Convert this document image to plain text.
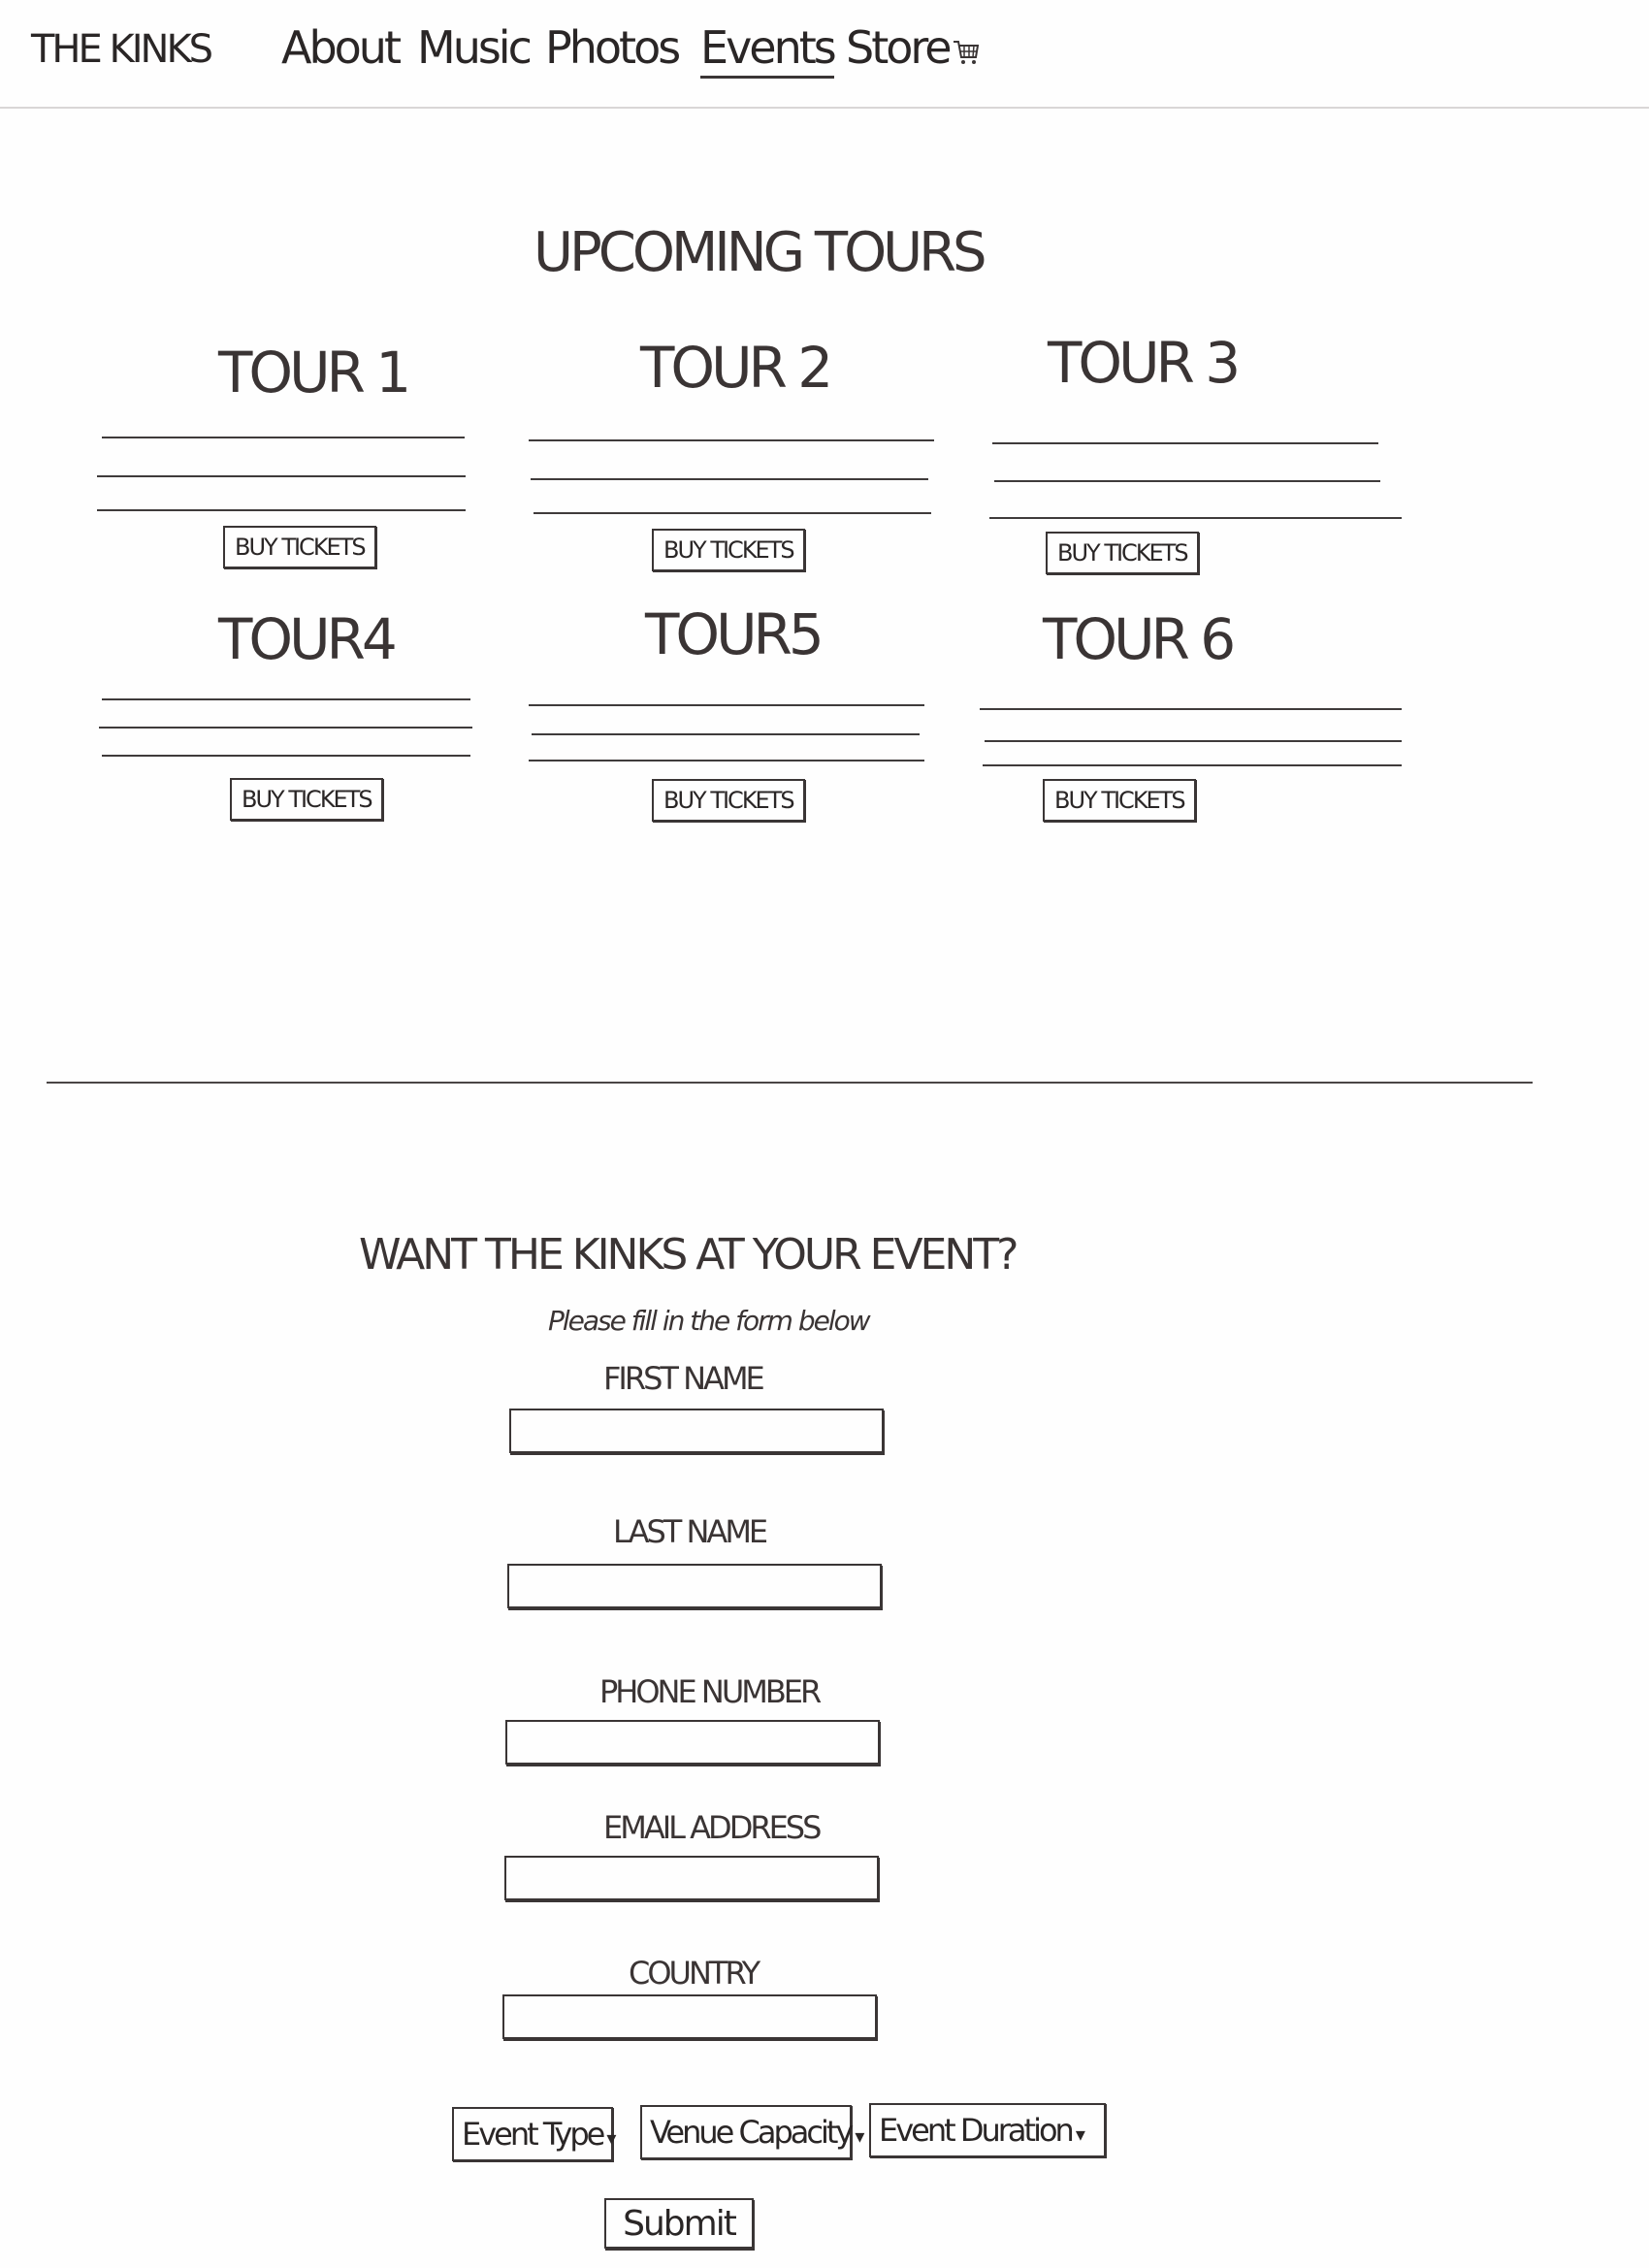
THE KINKS About Music Photos Events Store
UPCOMING TOURS
TOUR 1
BUY TICKETS
TOUR 2
BUY TICKETS
TOUR 3
BUY TICKETS
TOUR4
BUY TICKETS
TOUR5
BUY TICKETS
TOUR 6
BUY TICKETS
WANT THE KINKS AT YOUR EVENT?
Please fill in the form below
FIRST NAME
LAST NAME
PHONE NUMBER
EMAIL ADDRESS
COUNTRY
Event Type ▾	Venue Capacity ▾ Event Duration ▾
Submit
